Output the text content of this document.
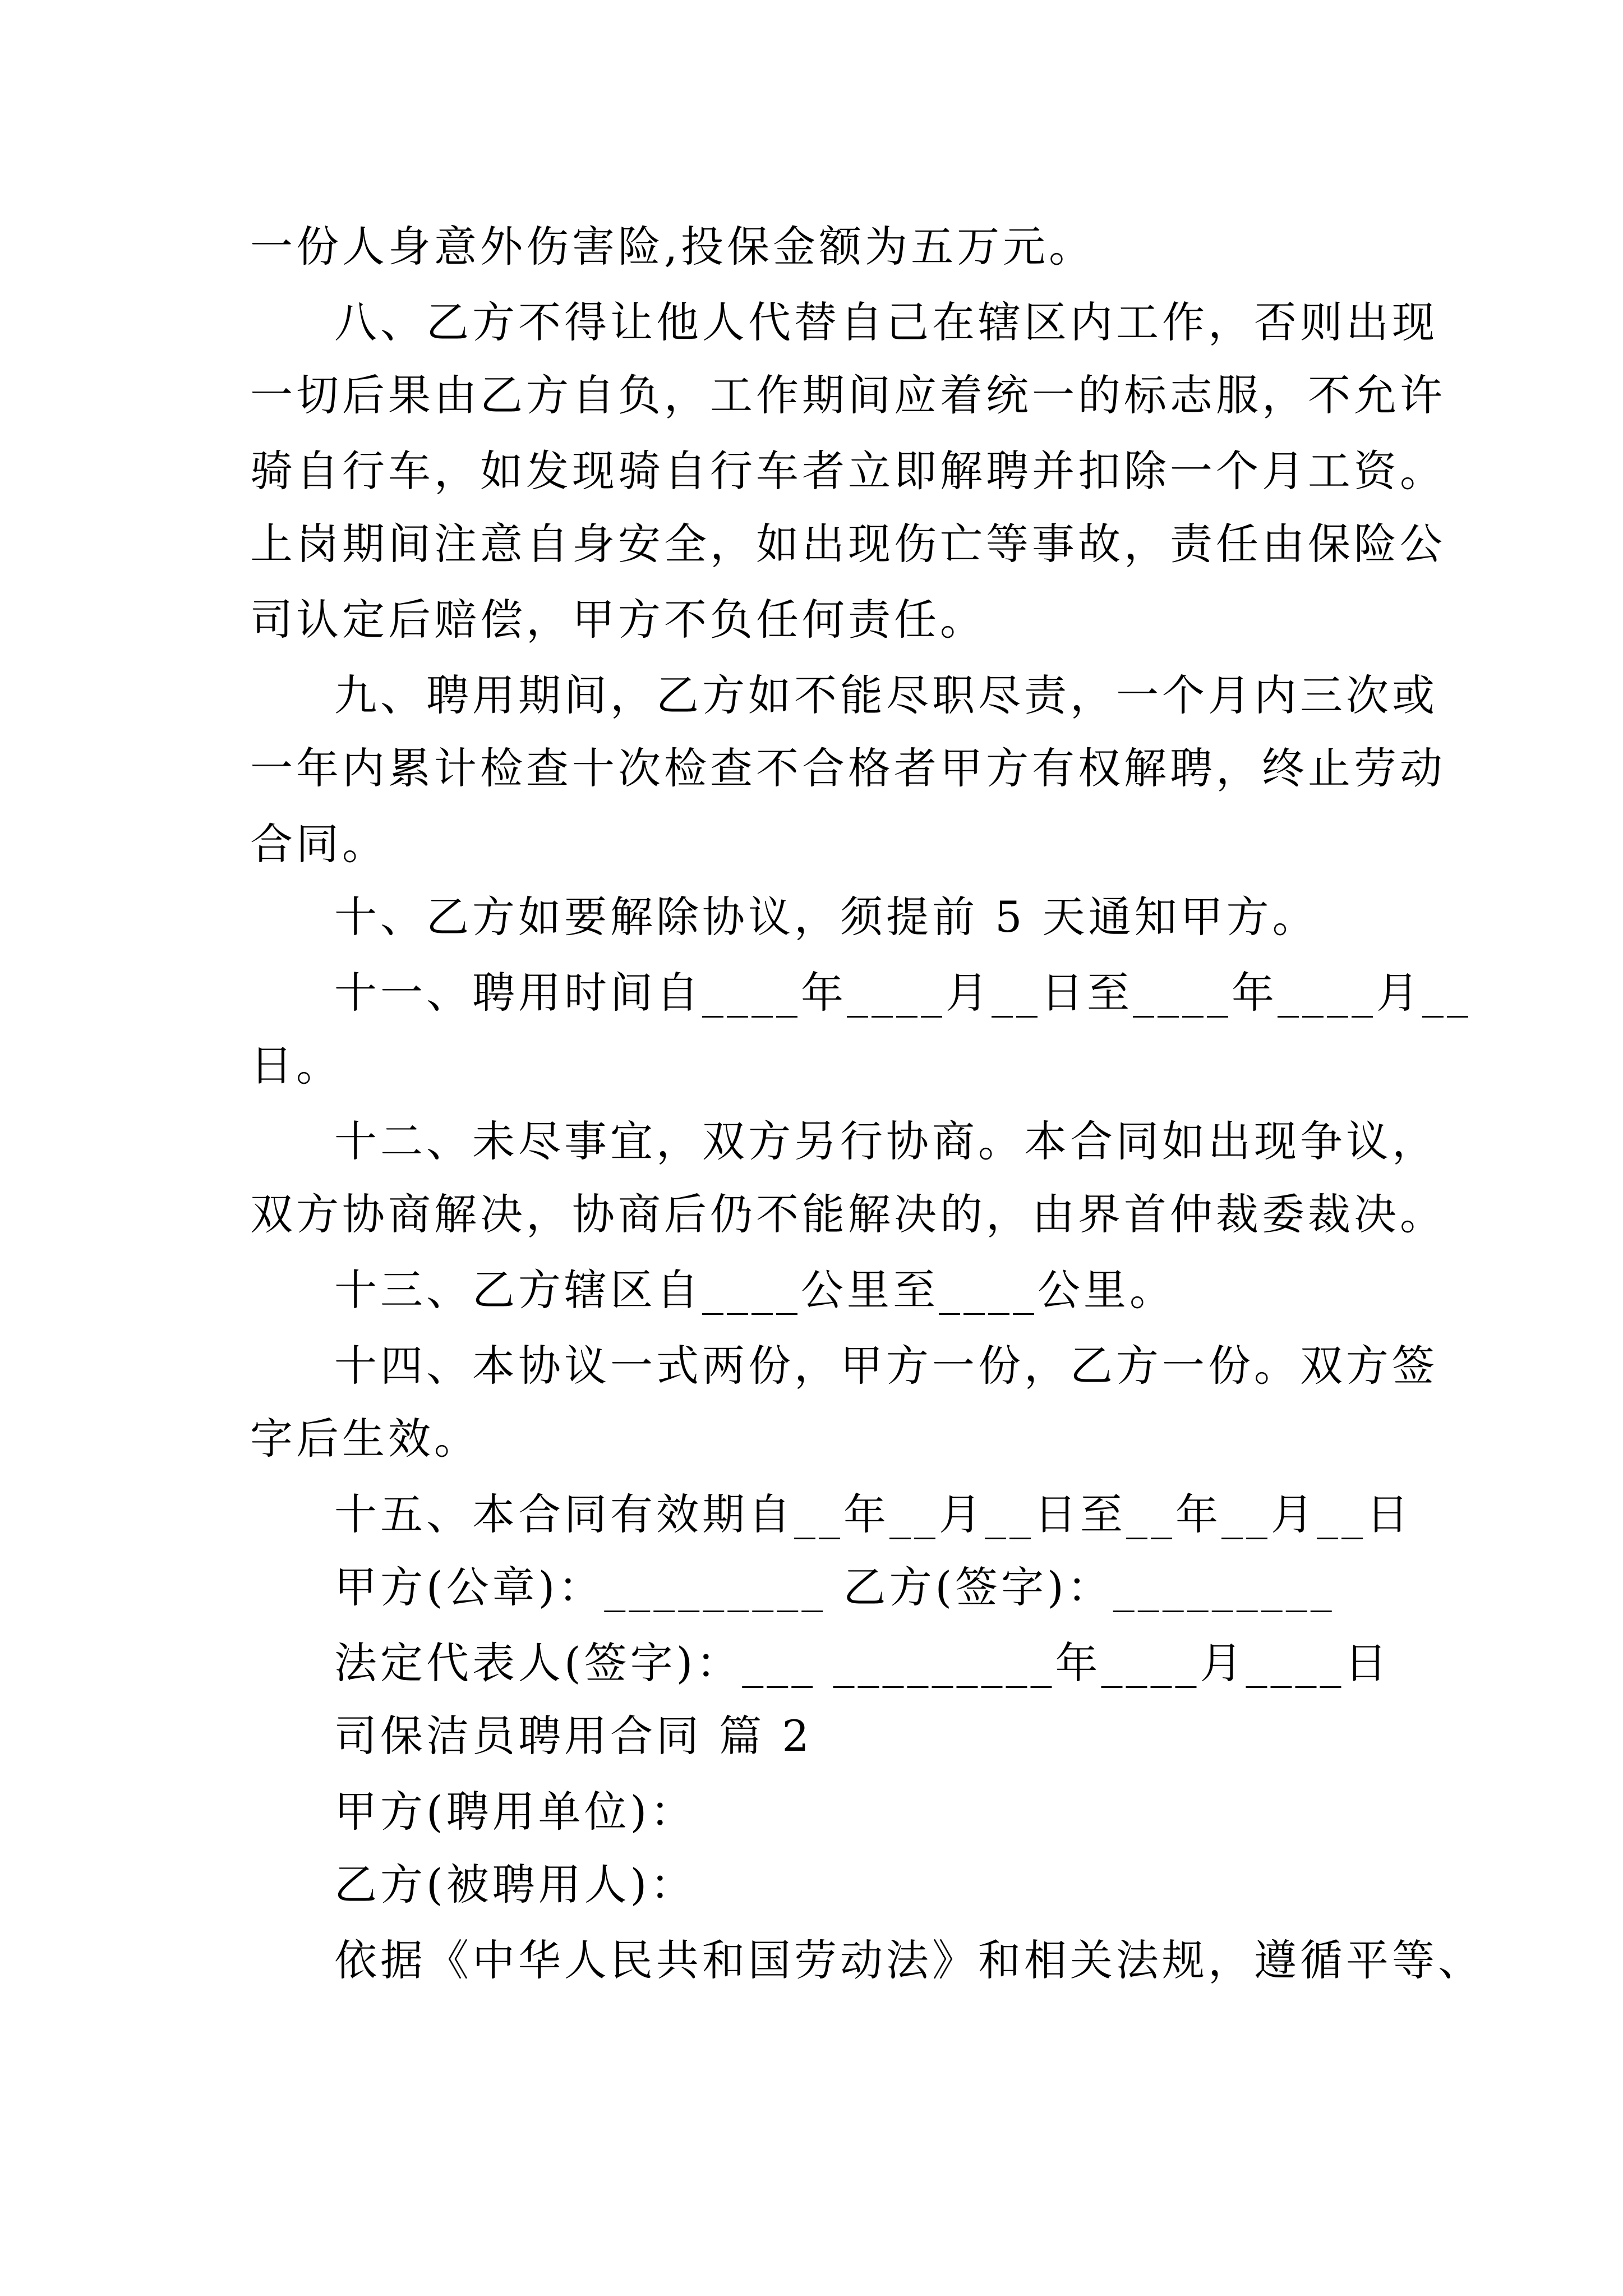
一份人身意外伤害险,投保金额为五万元。
八、乙方不得让他人代替自己在辖区内工作，否则出现
一切后果由乙方自负，工作期间应着统一的标志服，不允许
骑自行车，如发现骑自行车者立即解聘并扣除一个月工资。
上岗期间注意自身安全，如出现伤亡等事故，责任由保险公
司认定后赔偿，甲方不负任何责任。
九、聘用期间，乙方如不能尽职尽责，一个月内三次或
一年内累计检查十次检查不合格者甲方有权解聘，终止劳动
合同。
十、乙方如要解除协议，须提前 5 天通知甲方。
十一、聘用时间自____年____月__日至____年____月__
日。
十二、未尽事宜，双方另行协商。本合同如出现争议，
双方协商解决，协商后仍不能解决的，由界首仲裁委裁决。
十三、乙方辖区自____公里至____公里。
十四、本协议一式两份，甲方一份，乙方一份。双方签
字后生效。
十五、本合同有效期自__年__月__日至__年__月__日
甲方(公章)：_________ 乙方(签字)：_________
法定代表人(签字)：___ _________年____月____日
司保洁员聘用合同 篇 2
甲方(聘用单位)：
乙方(被聘用人)：
依据《中华人民共和国劳动法》和相关法规，遵循平等、
